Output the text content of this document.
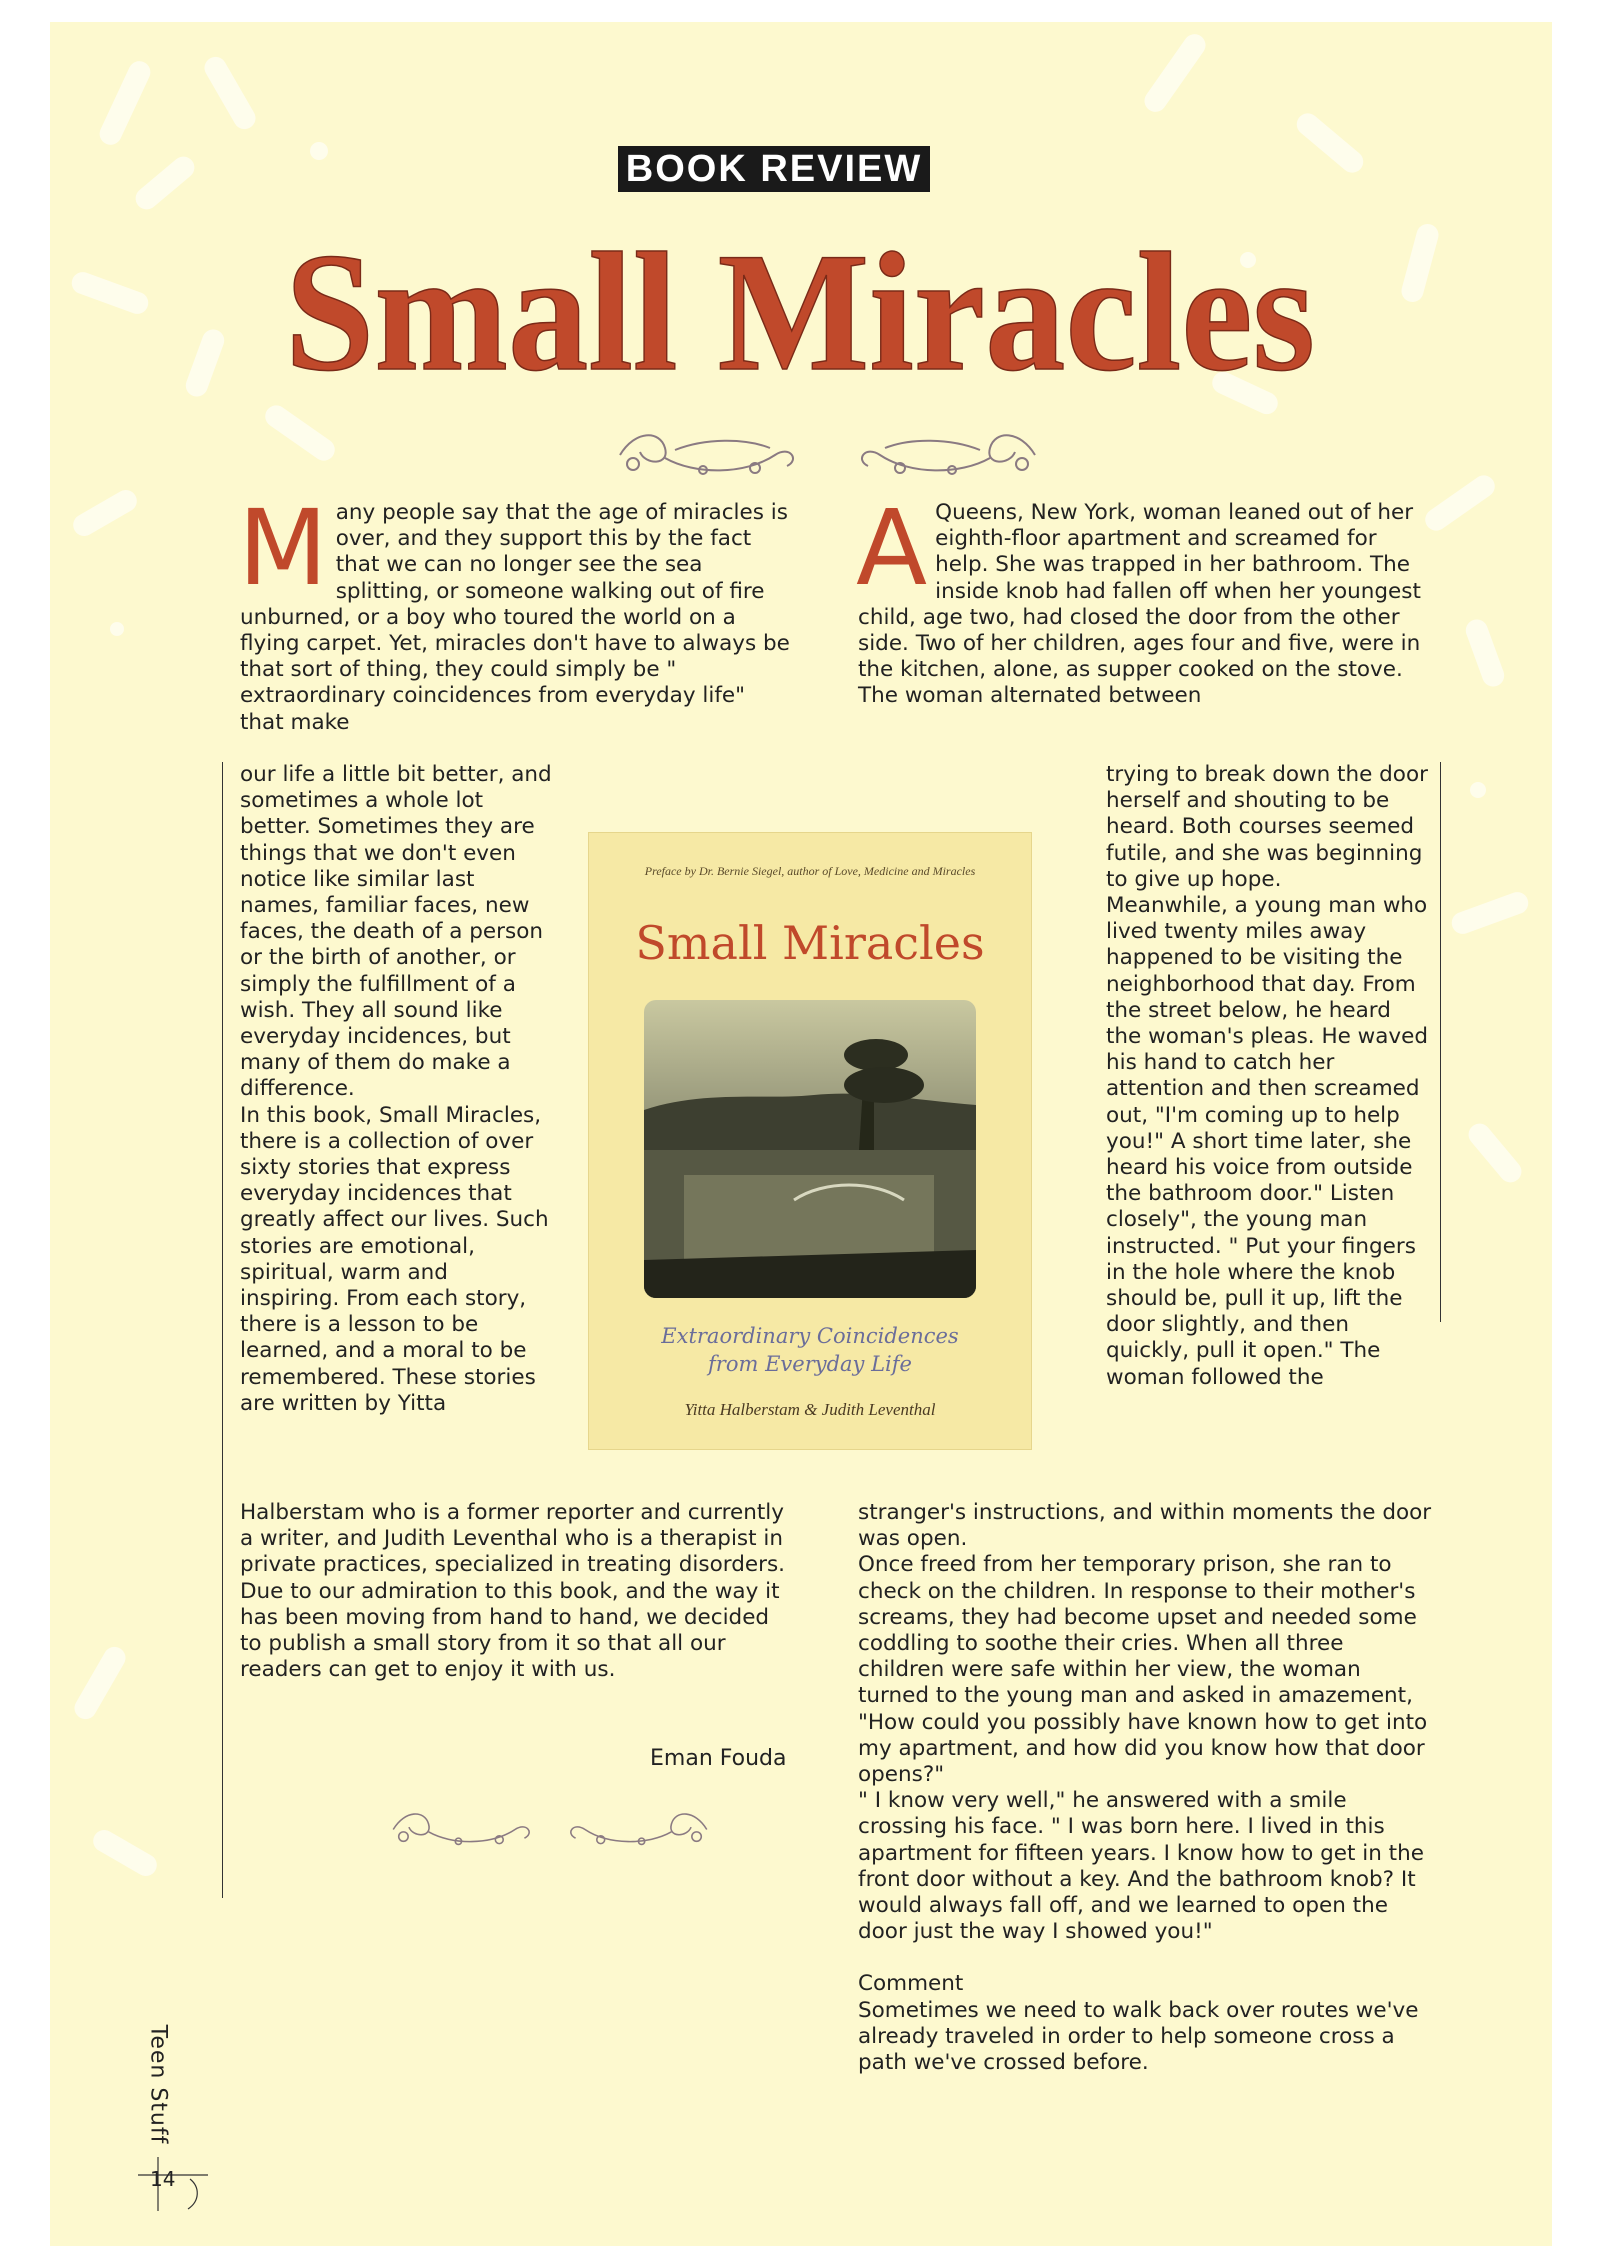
BOOK REVIEW
Small Miracles
M any people say that the age of miracles is over, and they support this by the fact that we can no longer see the sea splitting, or someone walking out of fire unburned, or a boy who toured the world on a flying carpet. Yet, miracles don't have to always be that sort of thing, they could simply be " extraordinary coincidences from everyday life" that make

our life a little bit better, and sometimes a whole lot better. Sometimes they are things that we don't even notice like similar last names, familiar faces, new faces, the death of a person or the birth of another, or simply the fulfillment of a wish. They all sound like everyday incidences, but many of them do make a difference.

In this book, Small Miracles, there is a collection of over sixty stories that express everyday incidences that greatly affect our lives. Such stories are emotional, spiritual, warm and inspiring. From each story, there is a lesson to be learned, and a moral to be remembered. These stories are written by Yitta

Halberstam who is a former reporter and currently a writer, and Judith Leventhal who is a therapist in private practices, specialized in treating disorders.

Due to our admiration to this book, and the way it has been moving from hand to hand, we decided to publish a small story from it so that all our readers can get to enjoy it with us.

Eman Fouda
Preface by Dr. Bernie Siegel, author of Love, Medicine and Miracles
Small Miracles
Extraordinary Coincidences
from Everyday Life
Yitta Halberstam & Judith Leventhal
A Queens, New York, woman leaned out of her eighth-floor apartment and screamed for help. She was trapped in her bathroom. The inside knob had fallen off when her youngest child, age two, had closed the door from the other side. Two of her children, ages four and five, were in the kitchen, alone, as supper cooked on the stove. The woman alternated between

trying to break down the door herself and shouting to be heard. Both courses seemed futile, and she was beginning to give up hope.

Meanwhile, a young man who lived twenty miles away happened to be visiting the neighborhood that day. From the street below, he heard the woman's pleas. He waved his hand to catch her attention and then screamed out, "I'm coming up to help you!" A short time later, she heard his voice from outside the bathroom door." Listen closely", the young man instructed. " Put your fingers in the hole where the knob should be, pull it up, lift the door slightly, and then quickly, pull it open." The woman followed the

stranger's instructions, and within moments the door was open.

Once freed from her temporary prison, she ran to check on the children. In response to their mother's screams, they had become upset and needed some coddling to soothe their cries. When all three children were safe within her view, the woman turned to the young man and asked in amazement, "How could you possibly have known how to get into my apartment, and how did you know how that door opens?"

" I know very well," he answered with a smile crossing his face. " I was born here. I lived in this apartment for fifteen years. I know how to get in the front door without a key. And the bathroom knob? It would always fall off, and we learned to open the door just the way I showed you!"

Comment

Sometimes we need to walk back over routes we've already traveled in order to help someone cross a path we've crossed before.

Teen Stuff
14
